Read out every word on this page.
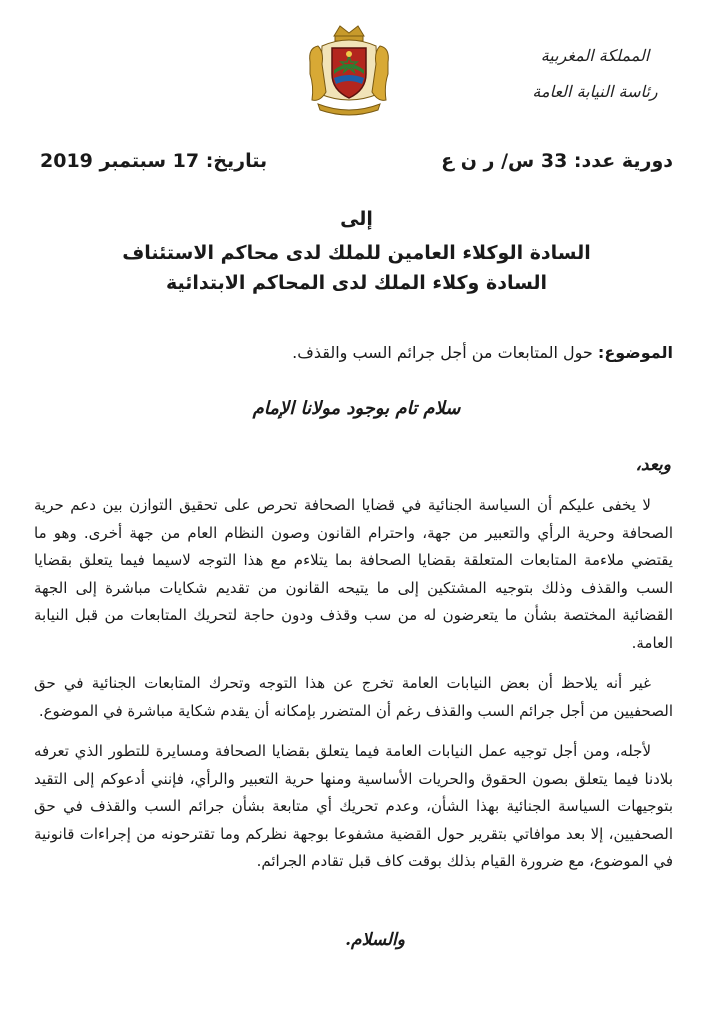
المملكة المغربية
رئاسة النيابة العامة
دورية عدد: 33 س/ ر ن ع
بتاريخ: 17 سبتمبر 2019
إلى
السادة الوكلاء العامين للملك لدى محاكم الاستئناف
السادة وكلاء الملك لدى المحاكم الابتدائية
الموضوع: حول المتابعات من أجل جرائم السب والقذف.
سلام تام بوجود مولانا الإمام
وبعد،

لا يخفى عليكم أن السياسة الجنائية في قضايا الصحافة تحرص على تحقيق التوازن بين دعم حرية الصحافة وحرية الرأي والتعبير من جهة، واحترام القانون وصون النظام العام من جهة أخرى. وهو ما يقتضي ملاءمة المتابعات المتعلقة بقضايا الصحافة بما يتلاءم مع هذا التوجه لاسيما فيما يتعلق بقضايا السب والقذف وذلك بتوجيه المشتكين إلى ما يتيحه القانون من تقديم شكايات مباشرة إلى الجهة القضائية المختصة بشأن ما يتعرضون له من سب وقذف ودون حاجة لتحريك المتابعات من قبل النيابة العامة.

غير أنه يلاحظ أن بعض النيابات العامة تخرج عن هذا التوجه وتحرك المتابعات الجنائية في حق الصحفيين من أجل جرائم السب والقذف رغم أن المتضرر بإمكانه أن يقدم شكاية مباشرة في الموضوع.

لأجله، ومن أجل توجيه عمل النيابات العامة فيما يتعلق بقضايا الصحافة ومسايرة للتطور الذي تعرفه بلادنا فيما يتعلق بصون الحقوق والحريات الأساسية ومنها حرية التعبير والرأي، فإنني أدعوكم إلى التقيد بتوجيهات السياسة الجنائية بهذا الشأن، وعدم تحريك أي متابعة بشأن جرائم السب والقذف في حق الصحفيين، إلا بعد موافاتي بتقرير حول القضية مشفوعا بوجهة نظركم وما تقترحونه من إجراءات قانونية في الموضوع، مع ضرورة القيام بذلك بوقت كاف قبل تقادم الجرائم.

والسلام.
